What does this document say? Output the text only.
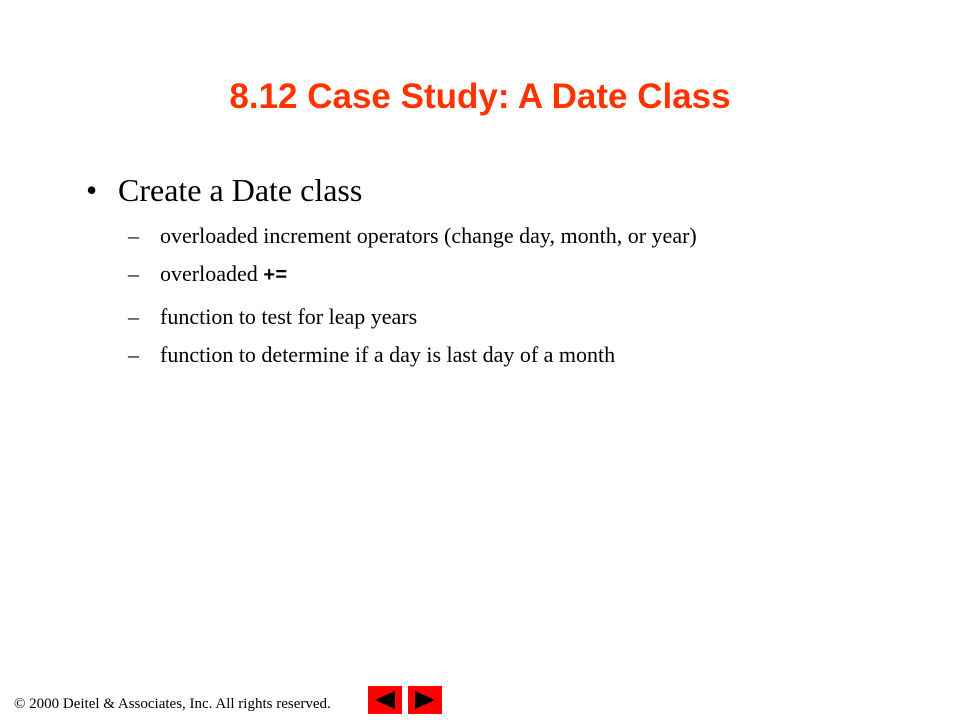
8.12 Case Study: A Date Class
• Create a Date class
– overloaded increment operators (change day, month, or year)
– overloaded +=
– function to test for leap years
– function to determine if a day is last day of a month
© 2000 Deitel & Associates, Inc. All rights reserved.
